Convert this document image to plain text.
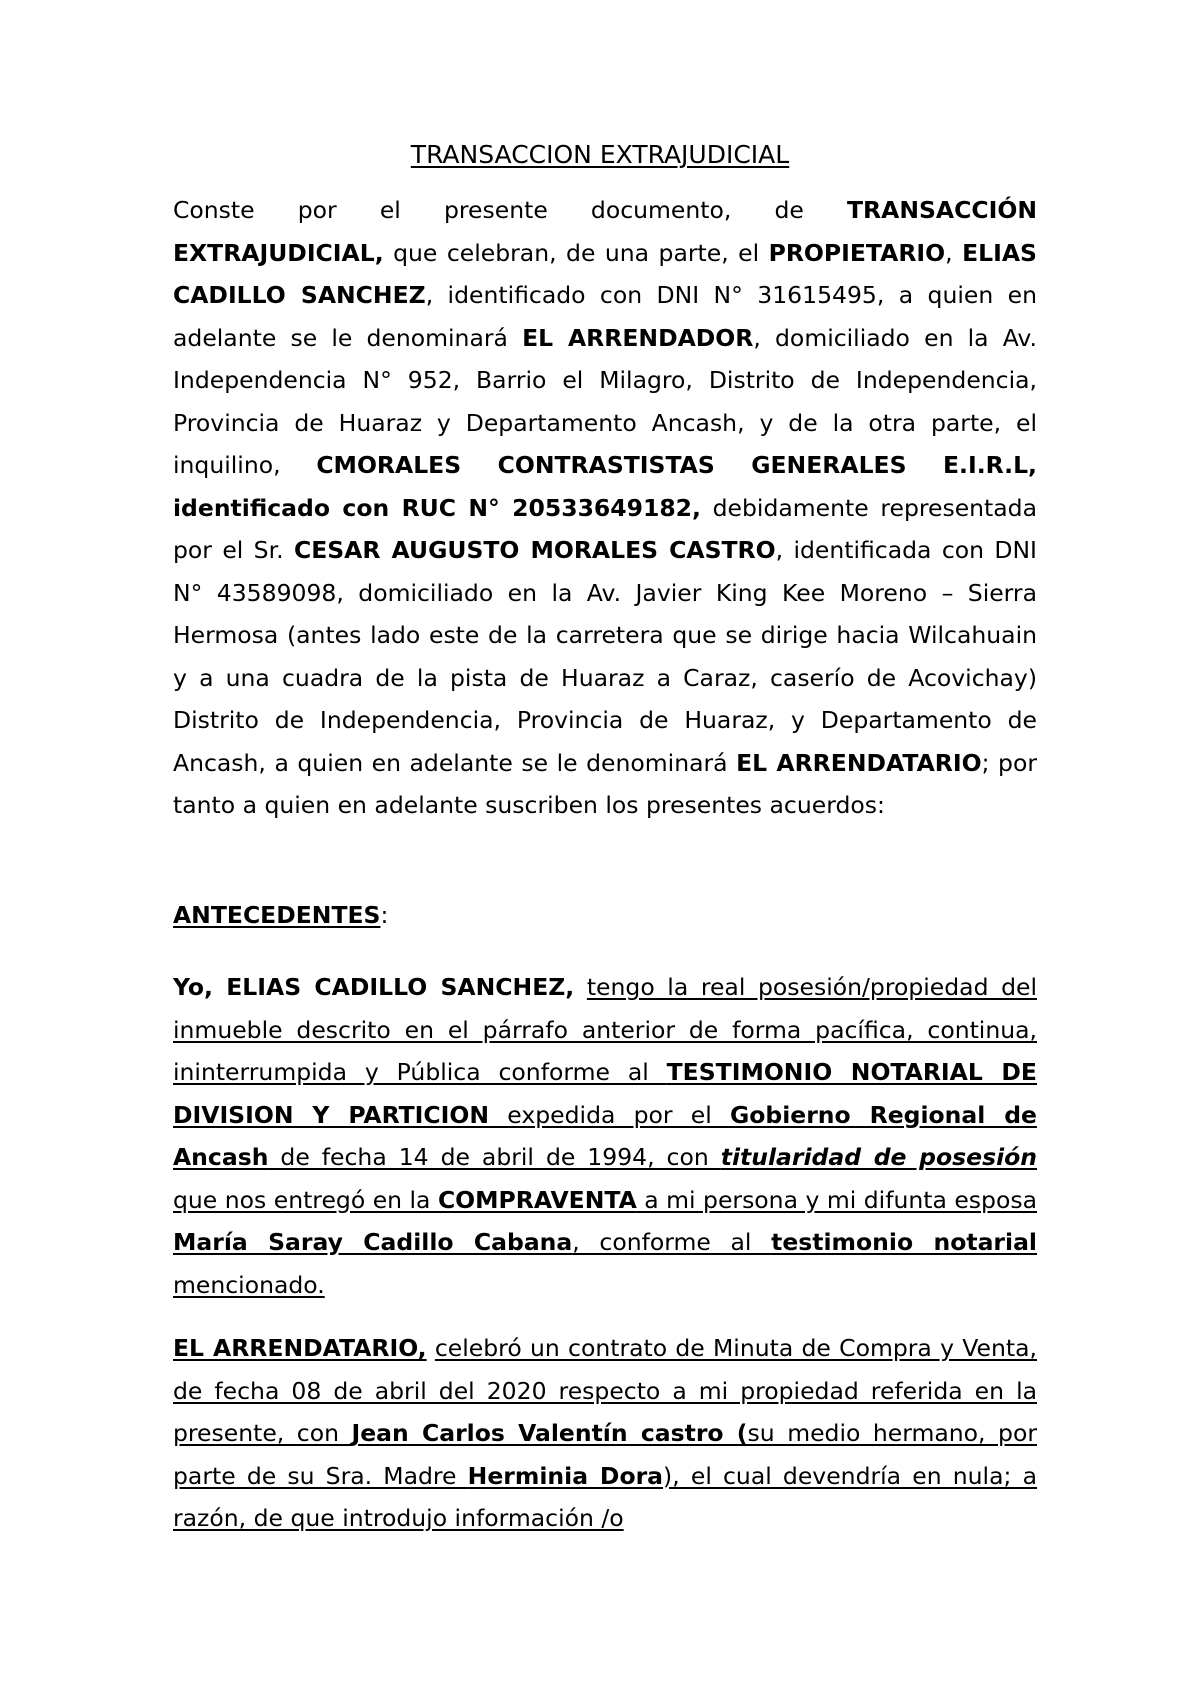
TRANSACCION EXTRAJUDICIAL

Conste por el presente documento, de TRANSACCIÓN EXTRAJUDICIAL, que celebran, de una parte, el PROPIETARIO, ELIAS CADILLO SANCHEZ, identificado con DNI N° 31615495, a quien en adelante se le denominará EL ARRENDADOR, domiciliado en la Av. Independencia N° 952, Barrio el Milagro, Distrito de Independencia, Provincia de Huaraz y Departamento Ancash, y de la otra parte, el inquilino, CMORALES CONTRASTISTAS GENERALES E.I.R.L, identificado con RUC N° 20533649182, debidamente representada por el Sr. CESAR AUGUSTO MORALES CASTRO, identificada con DNI N° 43589098, domiciliado en la Av. Javier King Kee Moreno – Sierra Hermosa (antes lado este de la carretera que se dirige hacia Wilcahuain y a una cuadra de la pista de Huaraz a Caraz, caserío de Acovichay) Distrito de Independencia, Provincia de Huaraz, y Departamento de Ancash, a quien en adelante se le denominará EL ARRENDATARIO; por tanto a quien en adelante suscriben los presentes acuerdos:

ANTECEDENTES:

Yo, ELIAS CADILLO SANCHEZ, tengo la real posesión/propiedad del inmueble descrito en el párrafo anterior de forma pacífica, continua, ininterrumpida y Pública conforme al TESTIMONIO NOTARIAL DE DIVISION Y PARTICION expedida por el Gobierno Regional de Ancash de fecha 14 de abril de 1994, con titularidad de posesión que nos entregó en la COMPRAVENTA a mi persona y mi difunta esposa María Saray Cadillo Cabana, conforme al testimonio notarial mencionado.

EL ARRENDATARIO, celebró un contrato de Minuta de Compra y Venta, de fecha 08 de abril del 2020 respecto a mi propiedad referida en la presente, con Jean Carlos Valentín castro (su medio hermano, por parte de su Sra. Madre Herminia Dora), el cual devendría en nula; a razón, de que introdujo información /o
